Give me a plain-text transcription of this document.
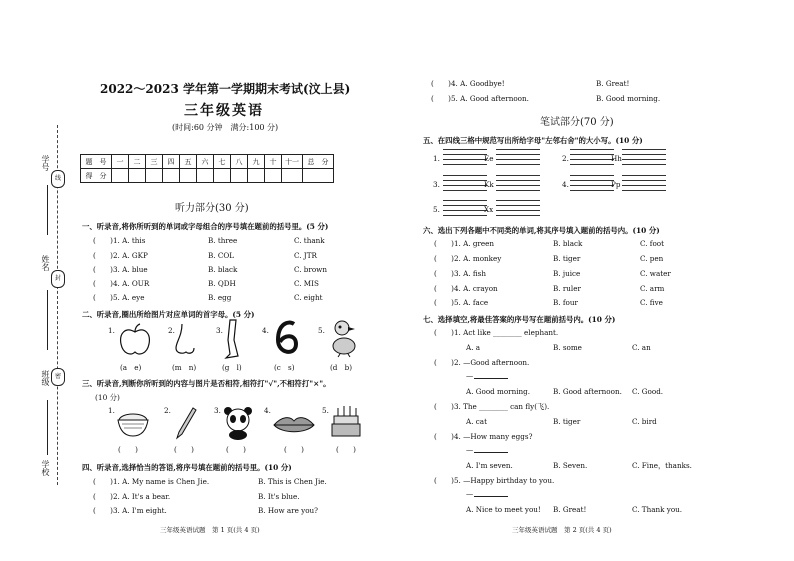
学号
姓名
班级
学校
线
封
密
2022～2023 学年第一学期期末考试(汶上县)
三年级英语
(时间:60 分钟　满分:100 分)
题　号	一	二	三	四	五	六	七	八	九	十	十一	总　分
得　分												
听力部分(30 分)
一、听录音,将你所听到的单词或字母组合的序号填在题前的括号里。(5 分)
(　　)1. A. this	B. three	C. thank
(　　)2. A. GKP	B. COL	C. JTR
(　　)3. A. blue	B. black	C. brown
(　　)4. A. OUR	B. QDH	C. MIS
(　　)5. A. eye	B. egg	C. eight
二、听录音,圈出所给图片对应单词的首字母。(5 分)
1.	2.	3.	4.	5.
(a　e)	(m　n)	(g　l)	(c　s)	(d　b)
三、听录音,判断你所听到的内容与图片是否相符,相符打"√",不相符打"×"。
(10 分)
1.	2.	3.	4.	5.
(　　)	(　　)	(　　)	(　　)	(　　)
四、听录音,选择恰当的答语,将序号填在题前的括号里。(10 分)
(　　)1. A. My name is Chen Jie.	B. This is Chen Jie.
(　　)2. A. It's a bear.	B. It's blue.
(　　)3. A. I'm eight.	B. How are you?
三年级英语试题　第 1 页(共 4 页)
(　　)4. A. Goodbye!	B. Great!
(　　)5. A. Good afternoon.	B. Good morning.
笔试部分(70 分)
五、在四线三格中规范写出所给字母"左邻右舍"的大小写。(10 分)
1.	Ee	2.	Hh
3.	Kk	4.	Pp
5.	Xx
六、选出下列各题中不同类的单词,将其序号填入题前的括号内。(10 分)
(　　)1. A. green	B. black	C. foot
(　　)2. A. monkey	B. tiger	C. pen
(　　)3. A. fish	B. juice	C. water
(　　)4. A. crayon	B. ruler	C. arm
(　　)5. A. face	B. four	C. five
七、选择填空,将最佳答案的序号写在题前括号内。(10 分)
(　　)1. Act like ________ elephant.
A. a	B. some	C. an
(　　)2. —Good afternoon.
—
A. Good morning.	B. Good afternoon. C. Good.
(　　)3. The ________ can fly(飞).
A. cat	B. tiger	C. bird
(　　)4. —How many eggs?
—
A. I'm seven.	B. Seven.	C. Fine，thanks.
(　　)5. —Happy birthday to you.
—
A. Nice to meet you! B. Great!	C. Thank you.
三年级英语试题　第 2 页(共 4 页)
